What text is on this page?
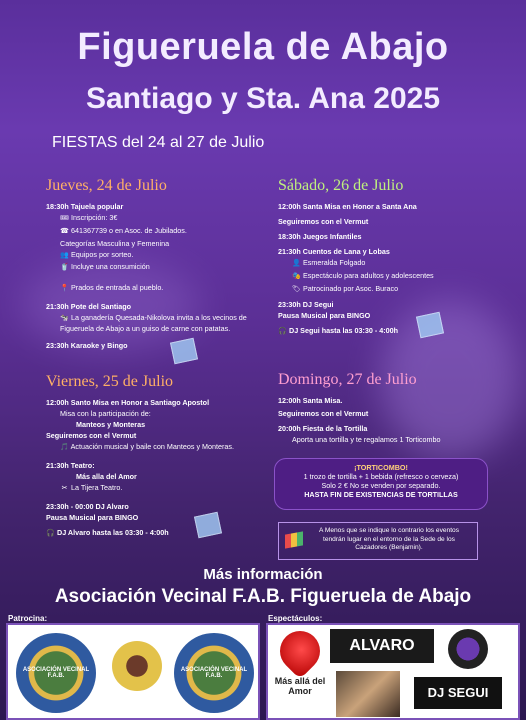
Figueruela de Abajo
Santiago y Sta. Ana 2025
FIESTAS del 24 al 27 de Julio
Jueves, 24 de Julio
18:30h Tajuela popular
🎟 Inscripción: 3€
☎ 641367739 o en Asoc. de Jubilados.
Categorías Masculina y Femenina
👥 Equipos por sorteo.
🥤 Incluye una consumición
📍 Prados de entrada al pueblo.
21:30h Pote del Santiago
🐄 La ganadería Quesada-Nikolova invita a los vecinos de Figueruela de Abajo a un guiso de carne con patatas.
23:30h Karaoke y Bingo
Viernes, 25 de Julio
12:00h Santo Misa en Honor a Santiago Apostol
Misa con la participación de:
Manteos y Monteras
Seguiremos con el Vermut
🎵 Actuación musical y baile con Manteos y Monteras.
21:30h Teatro:
Más alla del Amor
✂ La Tijera Teatro.
23:30h - 00:00 DJ Alvaro
Pausa Musical para BINGO
🎧 DJ Alvaro hasta las 03:30 - 4:00h
Sábado, 26 de Julio
12:00h Santa Misa en Honor a Santa Ana
Seguiremos con el Vermut
18:30h Juegos Infantiles
21:30h Cuentos de Lana y Lobas
👤 Esmeralda Folgado
🎭 Espectáculo para adultos y adolescentes
🏷 Patrocinado por Asoc. Buraco
23:30h DJ Segui
Pausa Musical para BINGO
🎧 DJ Segui hasta las 03:30 - 4:00h
Domingo, 27 de Julio
12:00h Santa Misa.
Seguiremos con el Vermut
20:00h Fiesta de la Tortilla
Aporta una tortilla y te regalamos 1 Torticombo
¡TORTICOMBO!
1 trozo de tortilla + 1 bebida (refresco o cerveza)
Solo 2 € No se venden por separado.
HASTA FIN DE EXISTENCIAS DE TORTILLAS
A Menos que se indique lo contrario los eventos tendrán lugar en el entorno de la Sede de los Cazadores (Benjamin).
Más información
Asociación Vecinal F.A.B. Figueruela de Abajo
Patrocina:	Espectáculos:
ASOCIACIÓN VECINAL F.A.B.
ASOCIACIÓN VECINAL F.A.B.
Más allá del Amor
ALVARO
DJ SEGUI
